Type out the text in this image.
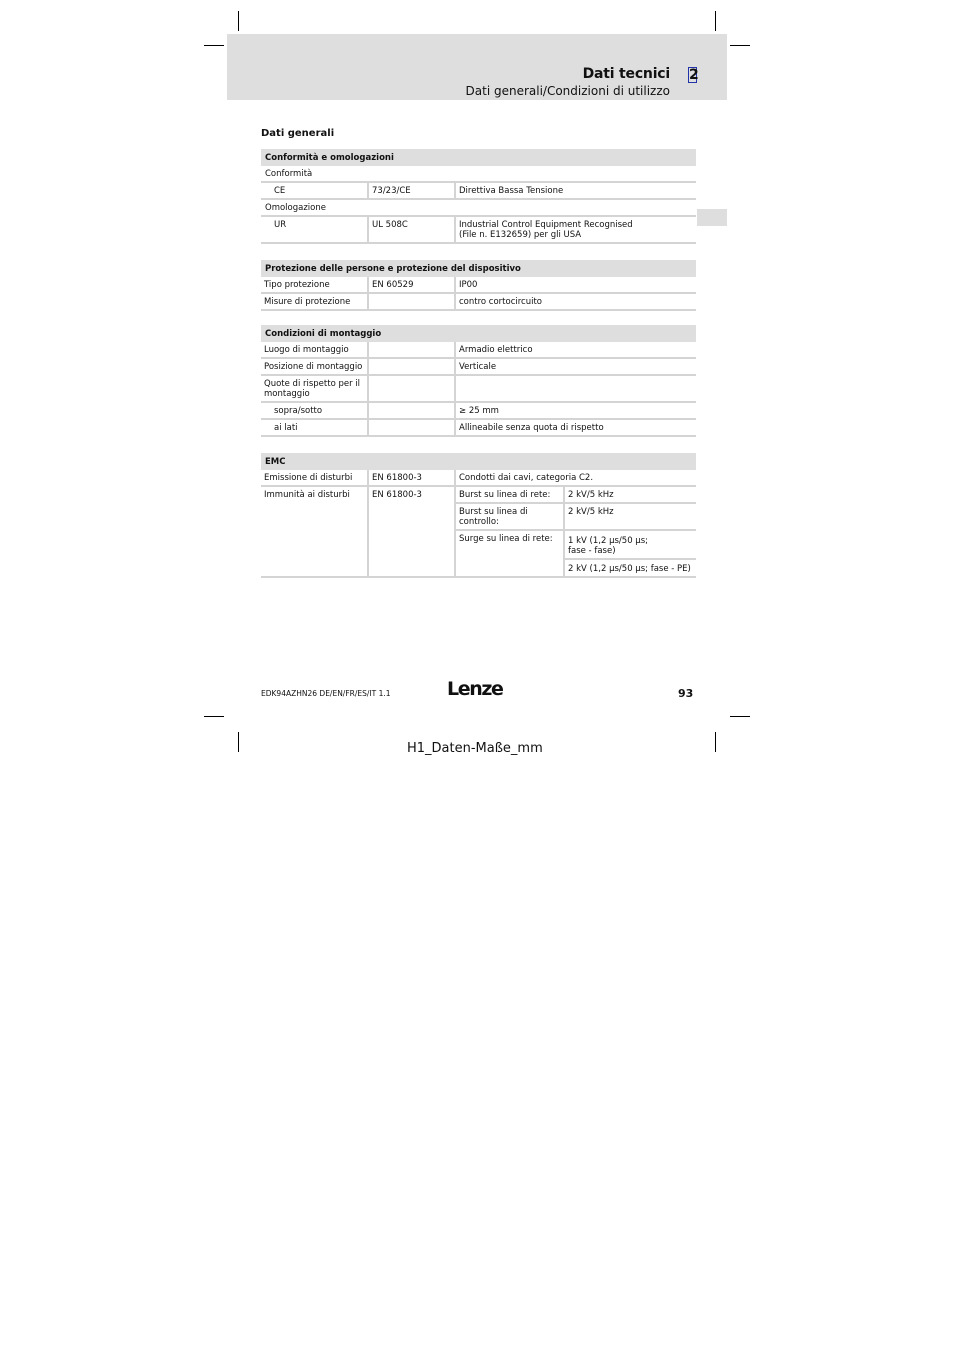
Dati tecnici 2
Dati generali/Condizioni di utilizzo
Dati generali
Conformità e omologazioni		
Conformità		
CE	73/23/CE	Direttiva Bassa Tensione
Omologazione		
UR	UL 508C	Industrial Control Equipment Recognised
(File n. E132659) per gli USA
Protezione delle persone e protezione del dispositivo		
Tipo protezione	EN 60529	IP00
Misure di protezione		contro cortocircuito
Condizioni di montaggio		
Luogo di montaggio		Armadio elettrico
Posizione di montaggio		Verticale
Quote di rispetto per il montaggio		
sopra/sotto		≥ 25 mm
ai lati		Allineabile senza quota di rispetto
EMC			
Emissione di disturbi	EN 61800-3	Condotti dai cavi, categoria C2.	
Immunità ai disturbi	EN 61800-3	Burst su linea di rete:	2 kV/5 kHz
		Burst su linea di controllo:	2 kV/5 kHz
		Surge su linea di rete:	1 kV (1,2 µs/50 µs;
fase - fase)

			2 kV (1,2 µs/50 µs; fase - PE)
EDK94AZHN26 DE/EN/FR/ES/IT 1.1	Lenze	93
H1_Daten-Maße_mm
